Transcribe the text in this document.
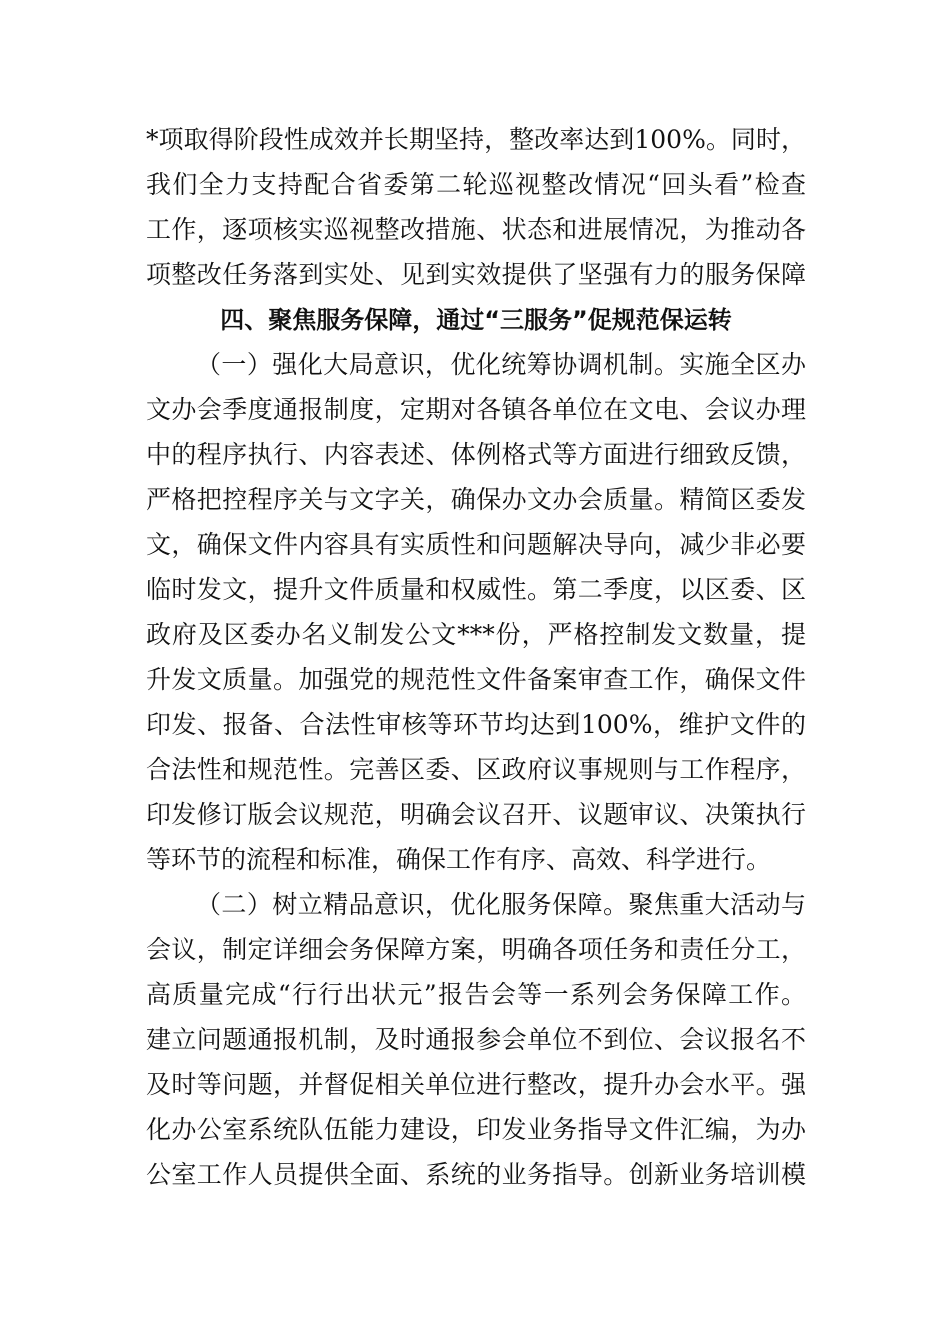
*项取得阶段性成效并长期坚持，整改率达到100%。同时，
我们全力支持配合省委第二轮巡视整改情况“回头看”检查
工作，逐项核实巡视整改措施、状态和进展情况，为推动各
项整改任务落到实处、见到实效提供了坚强有力的服务保障
四、聚焦服务保障，通过“三服务”促规范保运转
（一）强化大局意识，优化统筹协调机制。实施全区办
文办会季度通报制度，定期对各镇各单位在文电、会议办理
中的程序执行、内容表述、体例格式等方面进行细致反馈，
严格把控程序关与文字关，确保办文办会质量。精简区委发
文，确保文件内容具有实质性和问题解决导向，减少非必要
临时发文，提升文件质量和权威性。第二季度，以区委、区
政府及区委办名义制发公文***份，严格控制发文数量，提
升发文质量。加强党的规范性文件备案审查工作，确保文件
印发、报备、合法性审核等环节均达到100%，维护文件的
合法性和规范性。完善区委、区政府议事规则与工作程序，
印发修订版会议规范，明确会议召开、议题审议、决策执行
等环节的流程和标准，确保工作有序、高效、科学进行。
（二）树立精品意识，优化服务保障。聚焦重大活动与
会议，制定详细会务保障方案，明确各项任务和责任分工，
高质量完成“行行出状元”报告会等一系列会务保障工作。
建立问题通报机制，及时通报参会单位不到位、会议报名不
及时等问题，并督促相关单位进行整改，提升办会水平。强
化办公室系统队伍能力建设，印发业务指导文件汇编，为办
公室工作人员提供全面、系统的业务指导。创新业务培训模
